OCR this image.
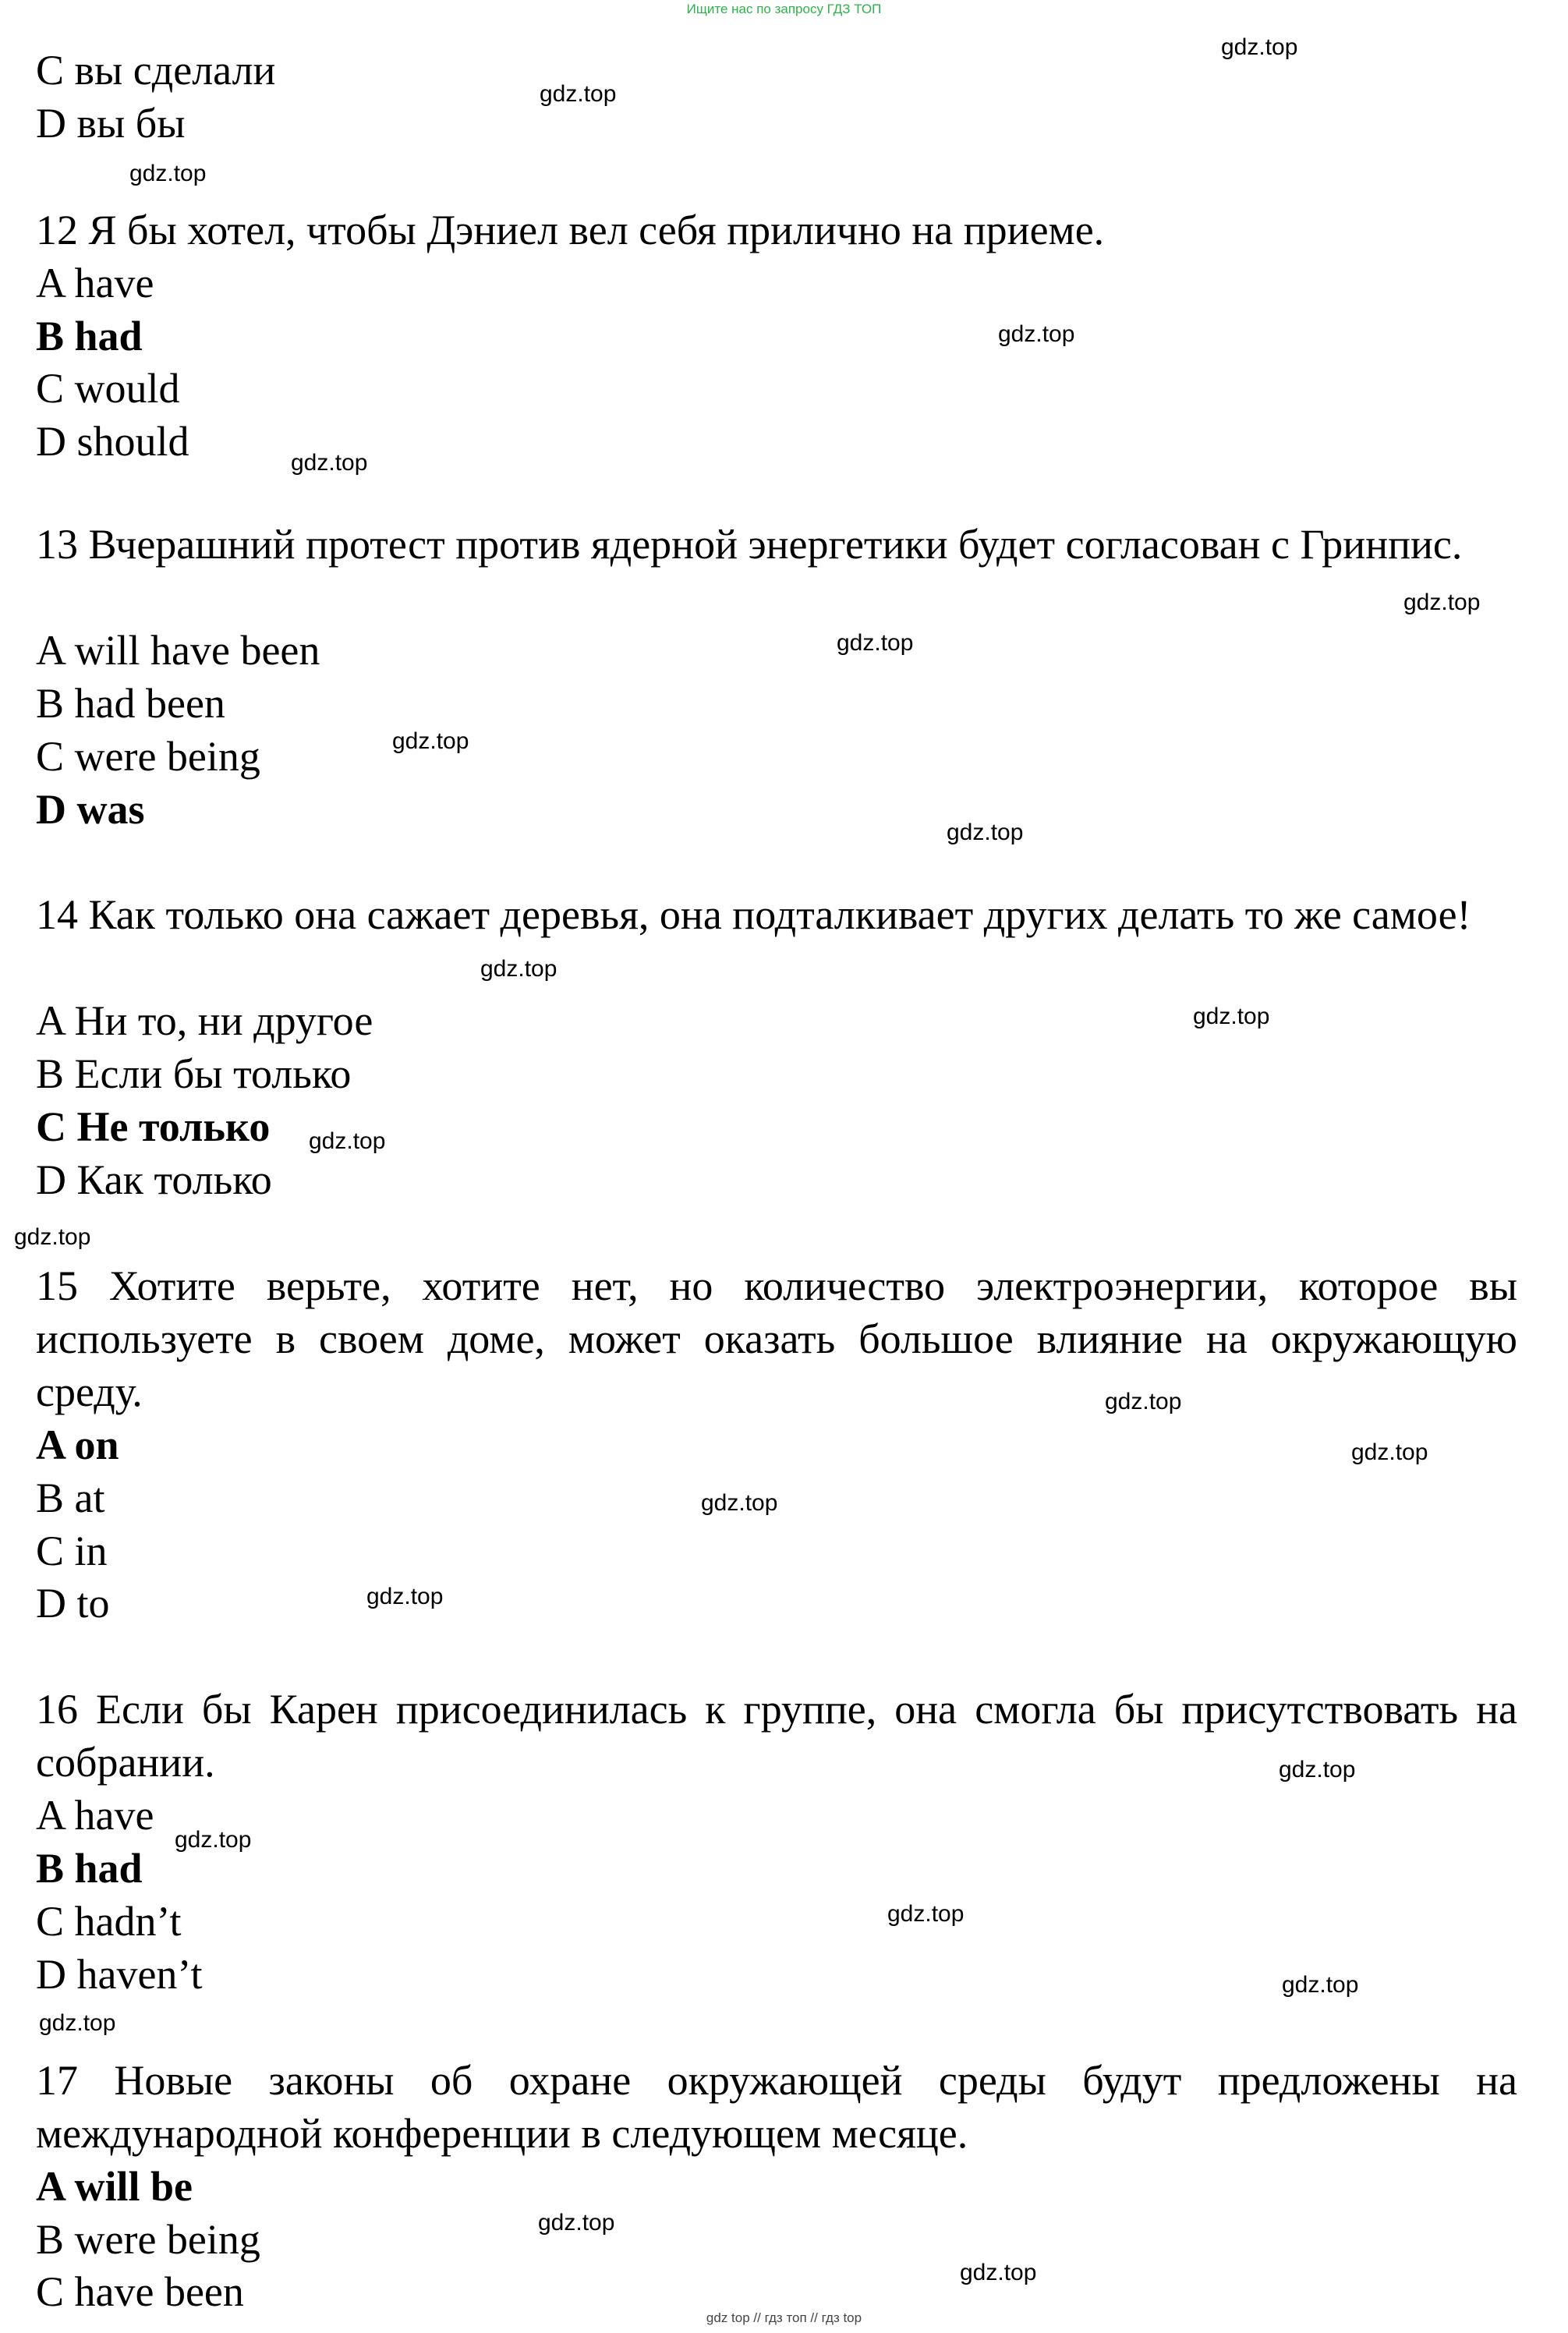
Ищите нас по запросу ГДЗ ТОП
C вы сделали
D вы бы
12 Я бы хотел, чтобы Дэниел вел себя прилично на приеме.
A have
B had
C would
D should
13 Вчерашний протест против ядерной энергетики будет согласован с Гринпис.
A will have been
B had been
C were being
D was
14 Как только она сажает деревья, она подталкивает других делать то же самое!
A Ни то, ни другое
B Если бы только
C Не только
D Как только
15 Хотите верьте, хотите нет, но количество электроэнергии, которое вы используете в своем доме, может оказать большое влияние на окружающую среду.
A on
B at
C in
D to
16 Если бы Карен присоединилась к группе, она смогла бы присутствовать на собрании.
A have
B had
C hadn’t
D haven’t
17 Новые законы об охране окружающей среды будут предложены на международной конференции в следующем месяце.
A will be
B were being
C have been
gdz.top
gdz.top
gdz.top
gdz.top
gdz.top
gdz.top
gdz.top
gdz.top
gdz.top
gdz.top
gdz.top
gdz.top
gdz.top
gdz.top
gdz.top
gdz.top
gdz.top
gdz.top
gdz.top
gdz.top
gdz.top
gdz.top
gdz.top
gdz.top
gdz top // гдз топ // гдз top
